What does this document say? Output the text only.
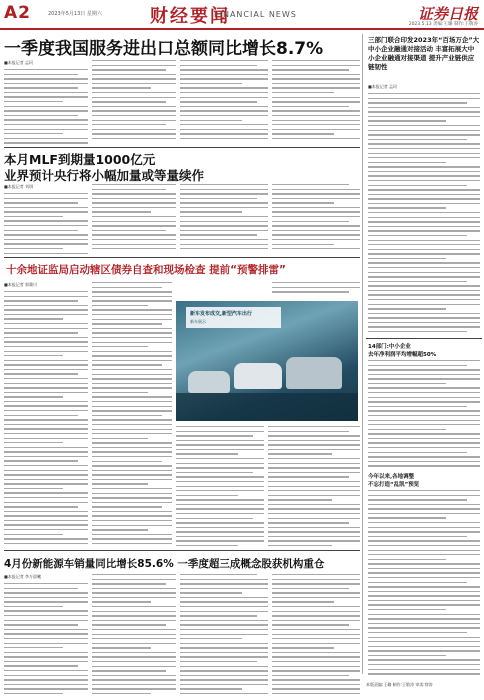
A2	2023年5月13日 星期六	财经要闻
FINANCIAL NEWS	证券日报
2023.5.13 责编:王璐 制作:王敬涛
一季度我国服务进出口总额同比增长8.7%	三部门联合印发2023年“百场万企”大中小企业融通对接活动 丰富拓展大中小企业融通对接渠道 提升产业链供应链韧性
■本报记者 孟珂
本月MLF到期量1000亿元
业界预计央行将小幅加量或等量续作
■本报记者 刘琪
十余地证监局启动辖区债券自查和现场检查 提前“预警排雷”
■本报记者 郭冀川
新车发布成交,新型汽车出行
新车展示
4月份新能源车销量同比增长85.6% 一季度超三成概念股获机构重仓
■本报记者 李万晨曦
■本报记者 孟珂
14部门:中小企业
去年净利润平均增幅超50%
今年以来,各地调整
不忘打造“乱凯”预览
本版责编:王璐 制作:王敬涛 审读:徐涛
